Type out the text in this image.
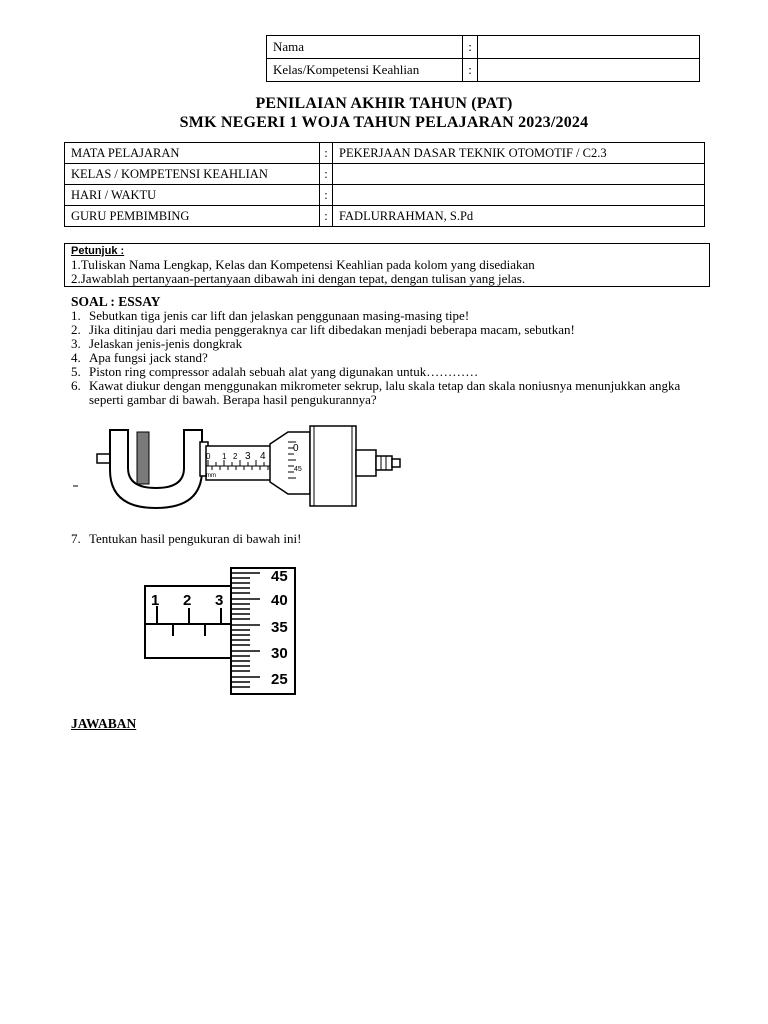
Nama	:	
Kelas/Kompetensi Keahlian	:	
PENILAIAN AKHIR TAHUN (PAT)
SMK NEGERI 1 WOJA TAHUN PELAJARAN 2023/2024
MATA PELAJARAN	:	PEKERJAAN DASAR TEKNIK OTOMOTIF / C2.3
KELAS / KOMPETENSI KEAHLIAN	:	
HARI / WAKTU	:	
GURU PEMBIMBING	:	FADLURRAHMAN, S.Pd
Petunjuk :
1.Tuliskan Nama Lengkap, Kelas dan Kompetensi Keahlian pada kolom yang disediakan
2.Jawablah pertanyaan-pertanyaan dibawah ini dengan tepat, dengan tulisan yang jelas.
SOAL : ESSAY
1. Sebutkan tiga jenis car lift dan jelaskan penggunaan masing-masing tipe!
2. Jika ditinjau dari media penggeraknya car lift dibedakan menjadi beberapa macam, sebutkan!
3. Jelaskan jenis-jenis dongkrak
4. Apa fungsi jack stand?
5. Piston ring compressor adalah sebuah alat yang digunakan untuk…………
6. Kawat diukur dengan menggunakan mikrometer sekrup, lalu skala tetap dan skala noniusnya menunjukkan angka seperti gambar di bawah. Berapa hasil pengukurannya?
0 1 2 3 4
mm
0
45
7. Tentukan hasil pengukuran di bawah ini!
1 2 3
45
40
35
30
25
JAWABAN
